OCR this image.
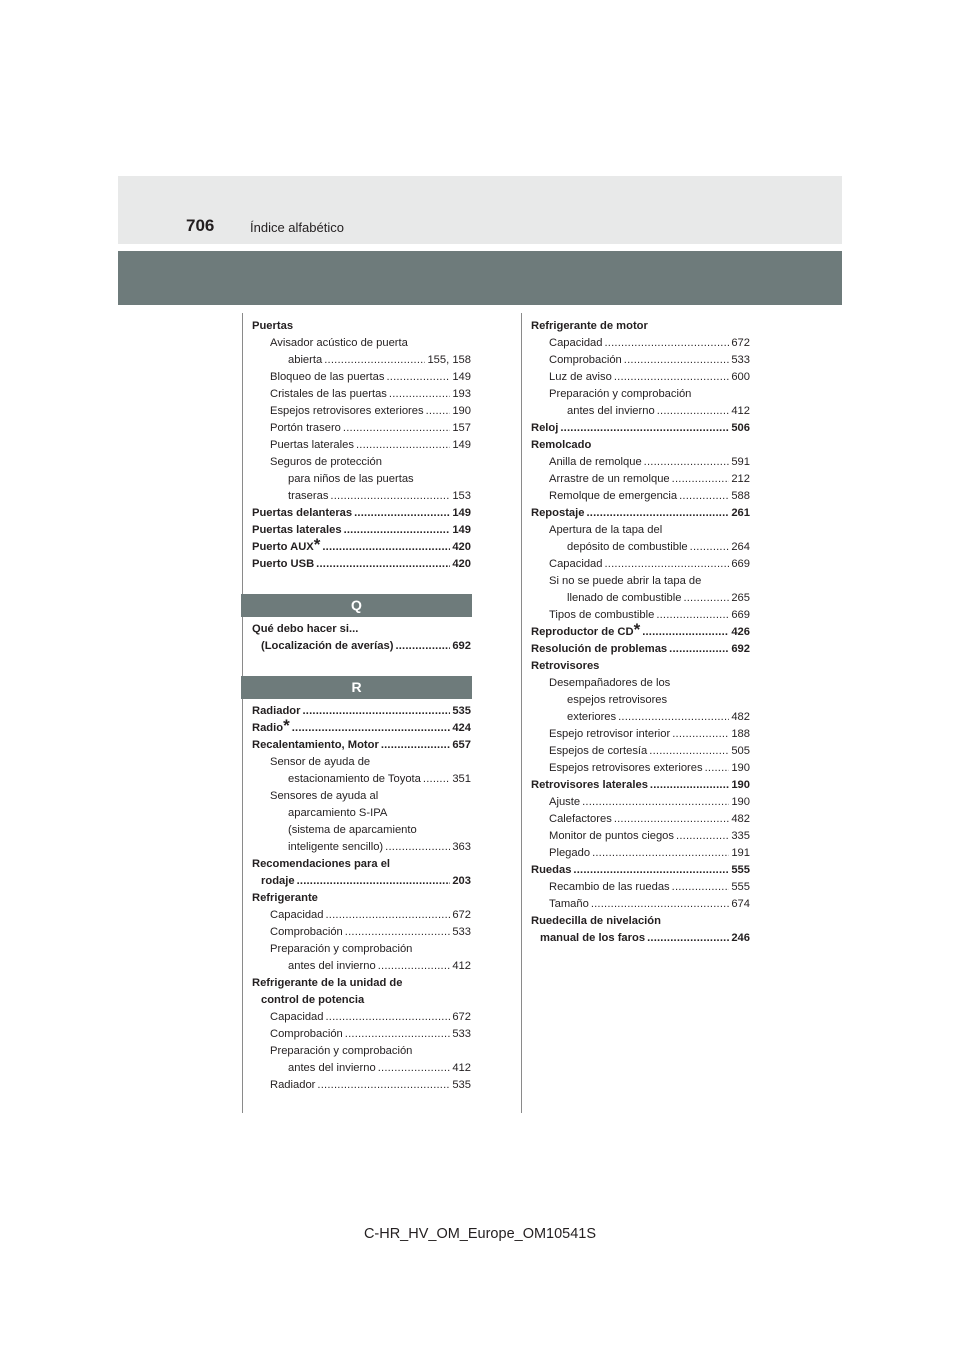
706	Índice alfabético
Puertas
Avisador acústico de puerta
abierta .....	155, 158
Bloqueo de las puertas .....	149
Cristales de las puertas .....	193
Espejos retrovisores exteriores .....	190
Portón trasero .....	157
Puertas laterales .....	149
Seguros de protección
para niños de las puertas
traseras .....	153
Puertas delanteras .....	149
Puertas laterales .....	149
Puerto AUX * .....	420
Puerto USB .....	420
Q
Qué debo hacer si...
(Localización de averías) .....	692
R
Radiador .....	535
Radio * .....	424
Recalentamiento, Motor .....	657
Sensor de ayuda de
estacionamiento de Toyota .....	351
Sensores de ayuda al
aparcamiento S-IPA
(sistema de aparcamiento
inteligente sencillo) .....	363
Recomendaciones para el
rodaje .....	203
Refrigerante
Capacidad .....	672
Comprobación .....	533
Preparación y comprobación
antes del invierno .....	412
Refrigerante de la unidad de
control de potencia
Capacidad .....	672
Comprobación .....	533
Preparación y comprobación
antes del invierno .....	412
Radiador .....	535
Refrigerante de motor
Capacidad .....	672
Comprobación .....	533
Luz de aviso .....	600
Preparación y comprobación
antes del invierno .....	412
Reloj .....	506
Remolcado
Anilla de remolque .....	591
Arrastre de un remolque .....	212
Remolque de emergencia .....	588
Repostaje .....	261
Apertura de la tapa del
depósito de combustible .....	264
Capacidad .....	669
Si no se puede abrir la tapa de
llenado de combustible .....	265
Tipos de combustible .....	669
Reproductor de CD * .....	426
Resolución de problemas .....	692
Retrovisores
Desempañadores de los
espejos retrovisores
exteriores .....	482
Espejo retrovisor interior .....	188
Espejos de cortesía .....	505
Espejos retrovisores exteriores .....	190
Retrovisores laterales .....	190
Ajuste .....	190
Calefactores .....	482
Monitor de puntos ciegos .....	335
Plegado .....	191
Ruedas .....	555
Recambio de las ruedas .....	555
Tamaño .....	674
Ruedecilla de nivelación
manual de los faros .....	246
C-HR_HV_OM_Europe_OM10541S
